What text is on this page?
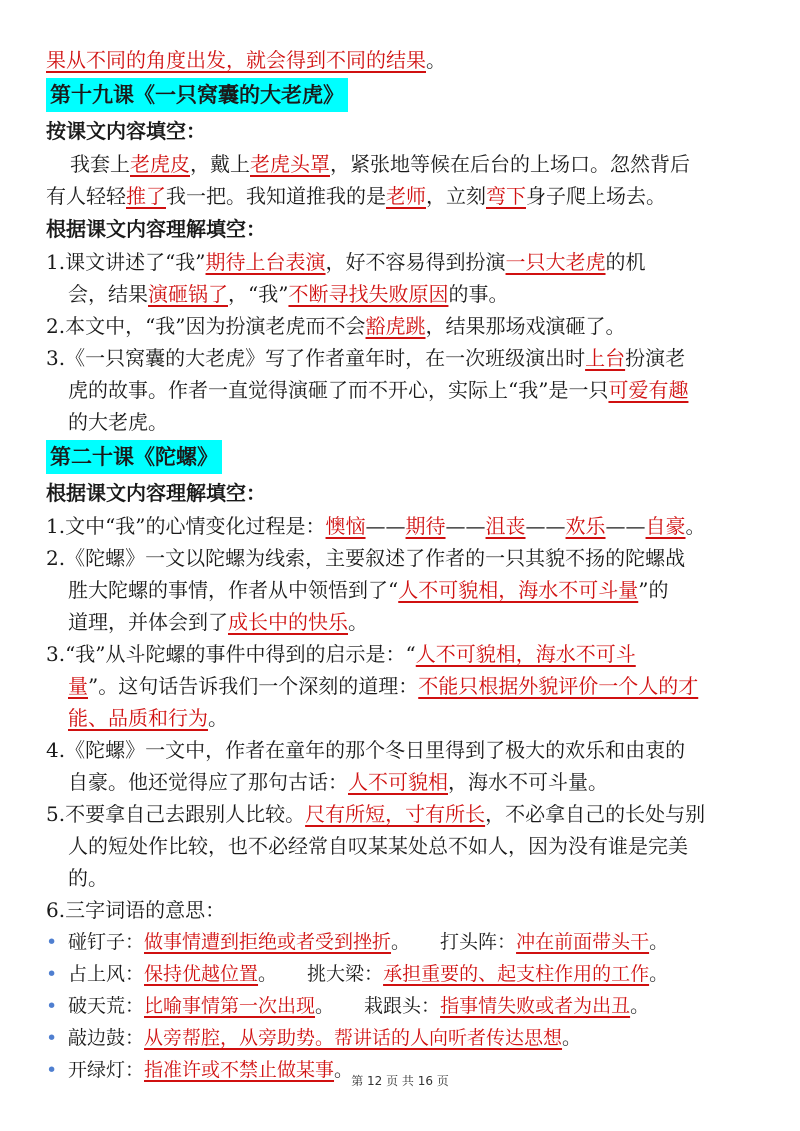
果从不同的角度出发，就会得到不同的结果。
第十九课《一只窝囊的大老虎》
按课文内容填空：
我套上老虎皮，戴上老虎头罩，紧张地等候在后台的上场口。忽然背后
有人轻轻推了我一把。我知道推我的是老师，立刻弯下身子爬上场去。
根据课文内容理解填空：
1.课文讲述了“我”期待上台表演，好不容易得到扮演一只大老虎的机
会，结果演砸锅了，“我”不断寻找失败原因的事。
2.本文中，“我”因为扮演老虎而不会豁虎跳，结果那场戏演砸了。
3.《一只窝囊的大老虎》写了作者童年时，在一次班级演出时上台扮演老
虎的故事。作者一直觉得演砸了而不开心，实际上“我”是一只可爱有趣
的大老虎。
第二十课《陀螺》
根据课文内容理解填空：
1.文中“我”的心情变化过程是：懊恼——期待——沮丧——欢乐——自豪。
2.《陀螺》一文以陀螺为线索，主要叙述了作者的一只其貌不扬的陀螺战
胜大陀螺的事情，作者从中领悟到了“人不可貌相，海水不可斗量”的
道理，并体会到了成长中的快乐。
3.“我”从斗陀螺的事件中得到的启示是：“人不可貌相，海水不可斗
量”。这句话告诉我们一个深刻的道理：不能只根据外貌评价一个人的才
能、品质和行为。
4.《陀螺》一文中，作者在童年的那个冬日里得到了极大的欢乐和由衷的
自豪。他还觉得应了那句古话：人不可貌相，海水不可斗量。
5.不要拿自己去跟别人比较。尺有所短，寸有所长，不必拿自己的长处与别
人的短处作比较，也不必经常自叹某某处总不如人，因为没有谁是完美
的。
6.三字词语的意思：
• 碰钉子：做事情遭到拒绝或者受到挫折。 打头阵：冲在前面带头干。
• 占上风：保持优越位置。 挑大梁：承担重要的、起支柱作用的工作。
• 破天荒：比喻事情第一次出现。 栽跟头：指事情失败或者为出丑。
• 敲边鼓：从旁帮腔，从旁助势。帮讲话的人向听者传达思想。
• 开绿灯：指准许或不禁止做某事。
第 12 页 共 16 页
